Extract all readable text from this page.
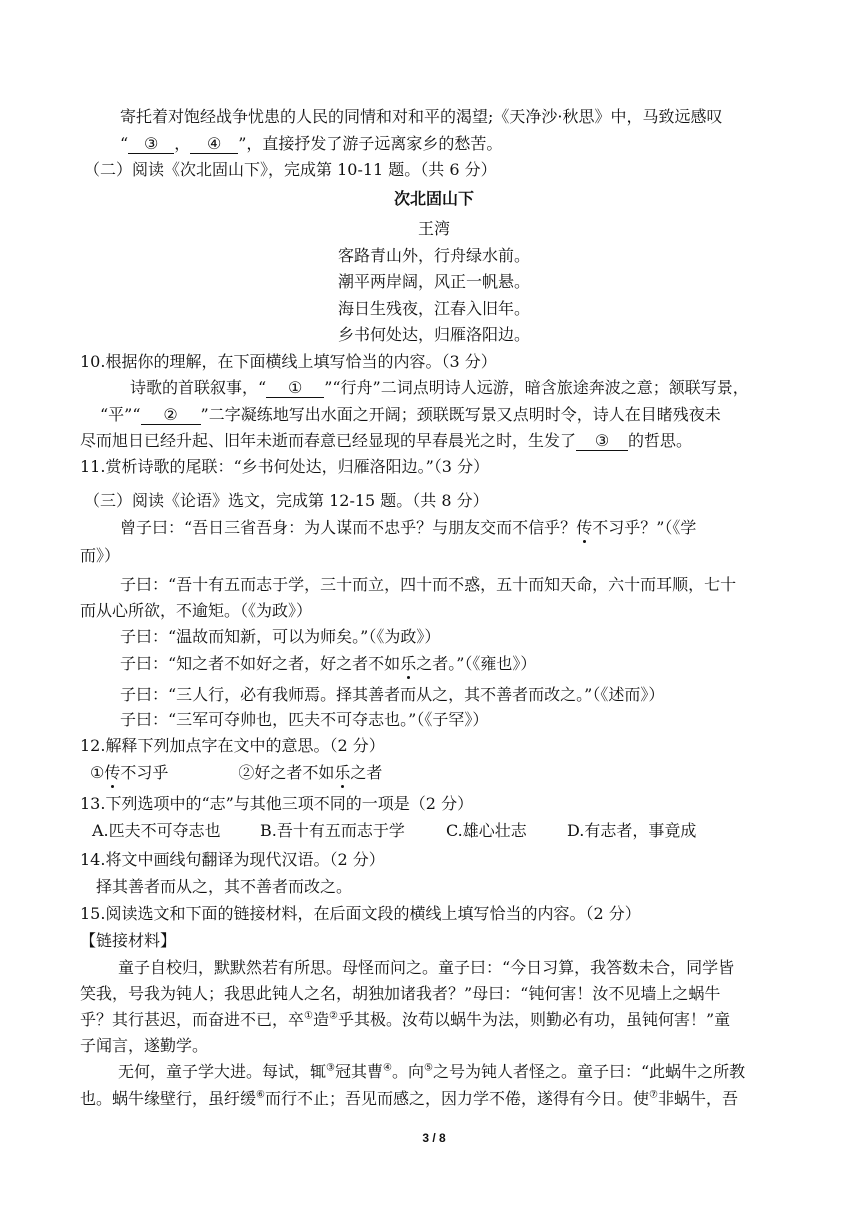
寄托着对饱经战争忧患的人民的同情和对和平的渴望;《天净沙·秋思》中，马致远感叹
“ ③ ， ④ ”，直接抒发了游子远离家乡的愁苦。
（二）阅读《次北固山下》，完成第 10-11 题。（共 6 分）
次北固山下
王湾
客路青山外，行舟绿水前。
潮平两岸阔，风正一帆悬。
海日生残夜，江春入旧年。
乡书何处达，归雁洛阳边。
10.根据你的理解，在下面横线上填写恰当的内容。（3 分）
诗歌的首联叙事，“ ① ”“行舟”二词点明诗人远游，暗含旅途奔波之意；颔联写景，
“平”“ ② ”二字凝练地写出水面之开阔；颈联既写景又点明时令，诗人在目睹残夜未
尽而旭日已经升起、旧年未逝而春意已经显现的早春晨光之时，生发了 ③ 的哲思。
11.赏析诗歌的尾联：“乡书何处达，归雁洛阳边。”（3 分）
（三）阅读《论语》选文，完成第 12-15 题。（共 8 分）
曾子曰：“吾日三省吾身：为人谋而不忠乎？与朋友交而不信乎？传不习乎？”（《学
而》）
子曰：“吾十有五而志于学，三十而立，四十而不惑，五十而知天命，六十而耳顺，七十
而从心所欲，不逾矩。（《为政》）
子曰：“温故而知新，可以为师矣。”（《为政》）
子曰：“知之者不如好之者，好之者不如乐之者。”（《雍也》）
子曰：“三人行，必有我师焉。择其善者而从之，其不善者而改之。”（《述而》）
子曰：“三军可夺帅也，匹夫不可夺志也。”（《子罕》）
12.解释下列加点字在文中的意思。（2 分）
①传不习乎	②好之者不如乐之者
13.下列选项中的“志”与其他三项不同的一项是（2 分）
A.匹夫不可夺志也 B.吾十有五而志于学	C.雄心壮志	D.有志者，事竟成
14.将文中画线句翻译为现代汉语。（2 分）
择其善者而从之，其不善者而改之。
15.阅读选文和下面的链接材料，在后面文段的横线上填写恰当的内容。（2 分）
【链接材料】
童子自校归，默默然若有所思。母怪而问之。童子曰：“今日习算，我答数未合，同学皆
笑我，号我为钝人；我思此钝人之名，胡独加诸我者？”母曰：“钝何害！汝不见墙上之蜗牛
乎？其行甚迟，而奋进不已，卒①造②乎其极。汝苟以蜗牛为法，则勤必有功，虽钝何害！”童
子闻言，遂勤学。
无何，童子学大进。每试，辄③冠其曹④。向⑤之号为钝人者怪之。童子曰：“此蜗牛之所教
也。蜗牛缘壁行，虽纡缓⑥而行不止；吾见而感之，因力学不倦，遂得有今日。使⑦非蜗牛，吾
3 / 8
